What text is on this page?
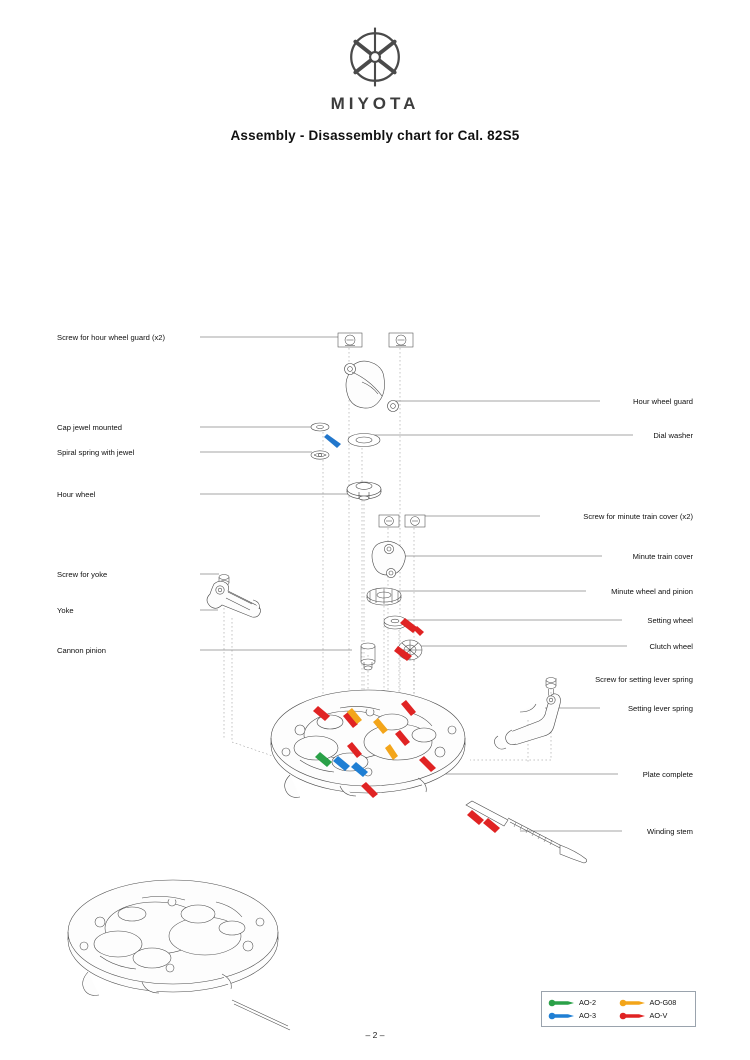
MIYOTA
Assembly - Disassembly chart for Cal. 82S5
Screw for hour wheel guard (x2)
Cap jewel mounted
Spiral spring with jewel
Hour wheel
Screw for yoke
Yoke
Cannon pinion
Hour wheel guard
Dial washer
Screw for minute train cover (x2)
Minute train cover
Minute wheel and pinion
Setting wheel
Clutch wheel
Screw for setting lever spring
Setting lever spring
Plate complete
Winding stem
AO-2	AO-G08
AO-3	AO-V
– 2 –
